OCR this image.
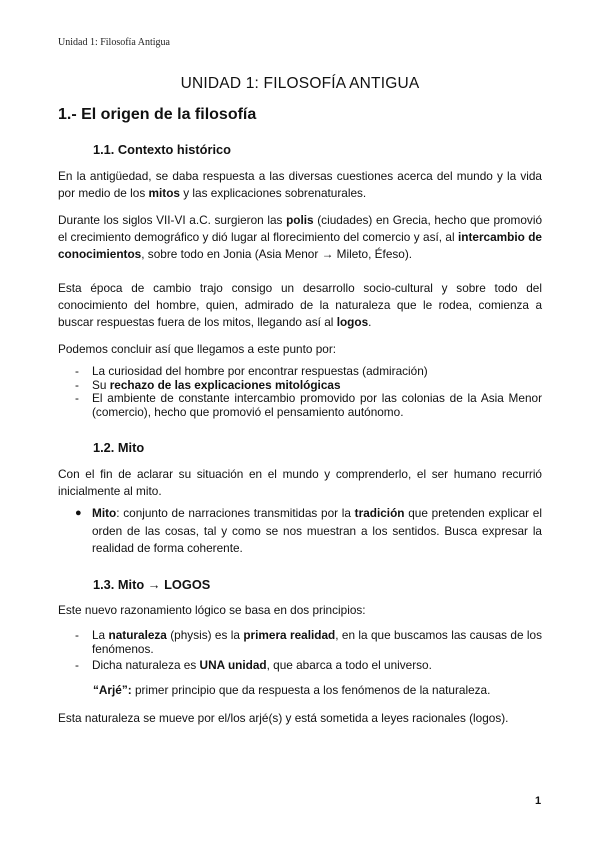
Unidad 1: Filosofía Antigua
UNIDAD 1: FILOSOFÍA ANTIGUA
1.- El origen de la filosofía
1.1. Contexto histórico

En la antigüedad, se daba respuesta a las diversas cuestiones acerca del mundo y la vida por medio de los mitos y las explicaciones sobrenaturales.

Durante los siglos VII-VI a.C. surgieron las polis (ciudades) en Grecia, hecho que promovió el crecimiento demográfico y dió lugar al florecimiento del comercio y así, al intercambio de conocimientos, sobre todo en Jonia (Asia Menor → Mileto, Éfeso).

Esta época de cambio trajo consigo un desarrollo socio-cultural y sobre todo del conocimiento del hombre, quien, admirado de la naturaleza que le rodea, comienza a buscar respuestas fuera de los mitos, llegando así al logos.

Podemos concluir así que llegamos a este punto por:

- La curiosidad del hombre por encontrar respuestas (admiración)
- Su rechazo de las explicaciones mitológicas
- El ambiente de constante intercambio promovido por las colonias de la Asia Menor (comercio), hecho que promovió el pensamiento autónomo.
1.2. Mito

Con el fin de aclarar su situación en el mundo y comprenderlo, el ser humano recurrió inicialmente al mito.

● Mito: conjunto de narraciones transmitidas por la tradición que pretenden explicar el orden de las cosas, tal y como se nos muestran a los sentidos. Busca expresar la realidad de forma coherente.
1.3. Mito → LOGOS

Este nuevo razonamiento lógico se basa en dos principios:

- La naturaleza (physis) es la primera realidad, en la que buscamos las causas de los fenómenos.
- Dicha naturaleza es UNA unidad, que abarca a todo el universo.

“Arjé”: primer principio que da respuesta a los fenómenos de la naturaleza.

Esta naturaleza se mueve por el/los arjé(s) y está sometida a leyes racionales (logos).

1
